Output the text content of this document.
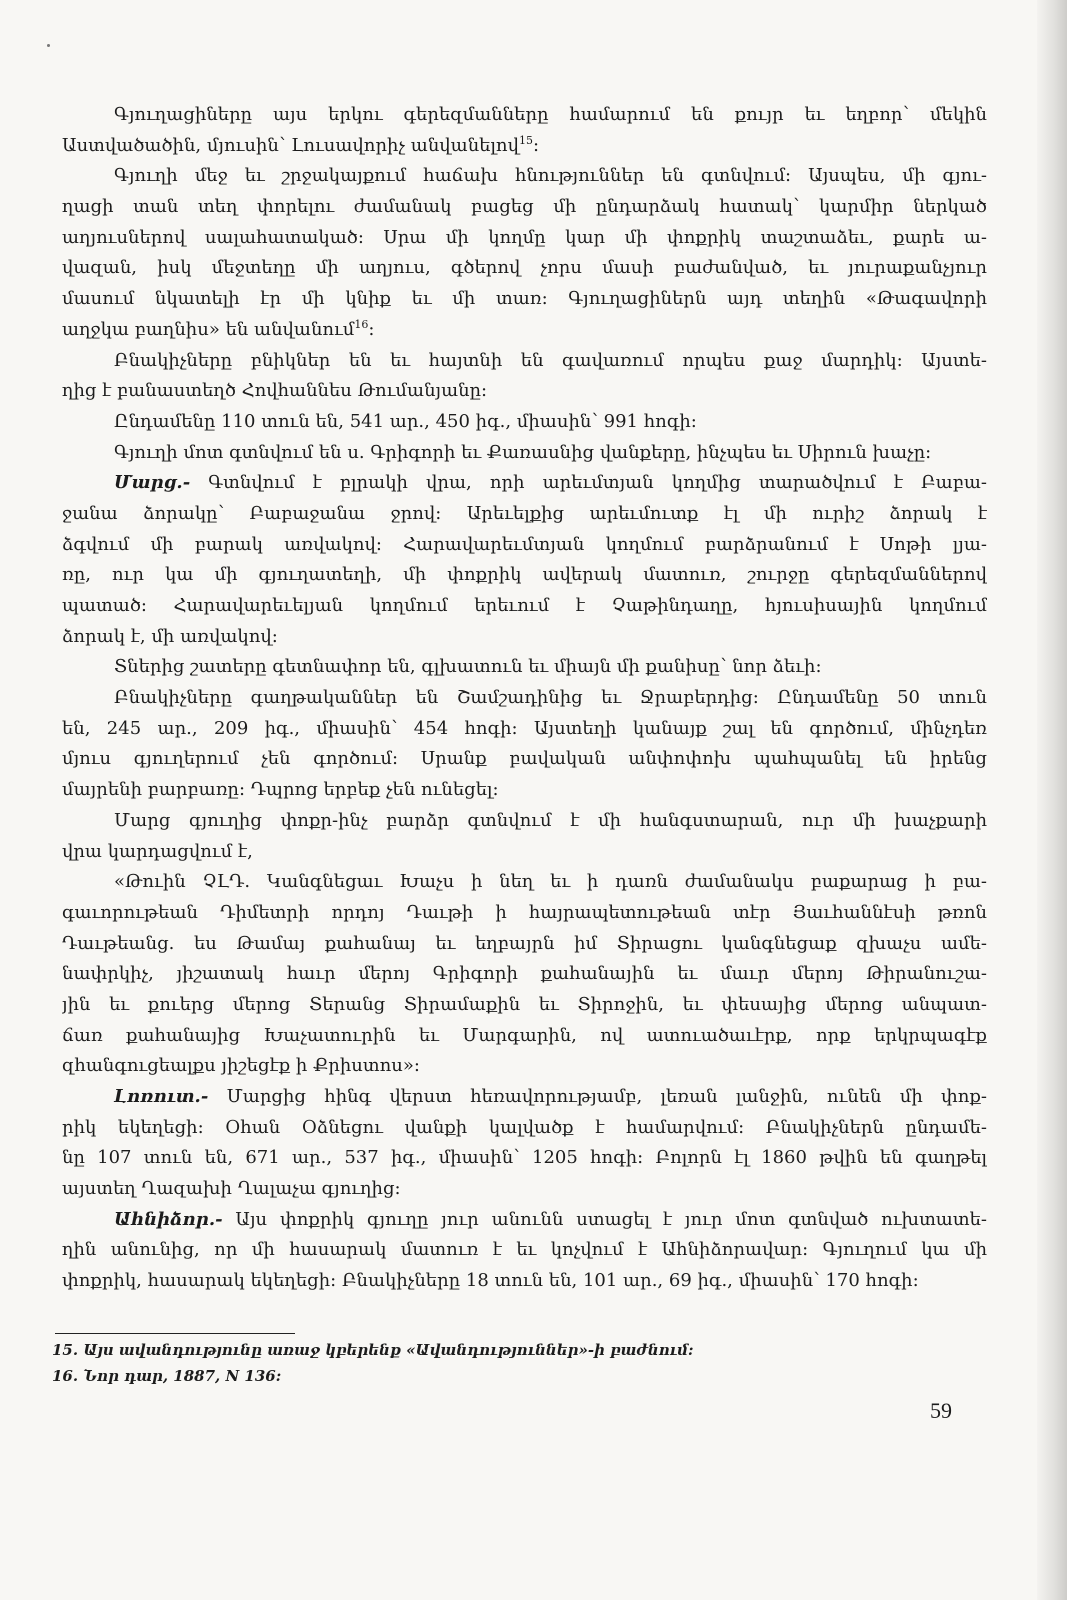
Գյուղացիները այս երկու գերեզմանները համարում են քույր եւ եղբոր՝ մեկին
Աստվածածին, մյուսին՝ Լուսավորիչ անվանելով$^{15}$:
Գյուղի մեջ եւ շրջակայքում հաճախ հնություններ են գտնվում: Այսպես, մի գյու-
ղացի տան տեղ փորելու ժամանակ բացեց մի ընդարձակ հատակ՝ կարմիր ներկած
աղյուսներով սալահատակած: Սրա մի կողմը կար մի փոքրիկ տաշտաձեւ, քարե ա-
վազան, իսկ մեջտեղը մի աղյուս, գծերով չորս մասի բաժանված, եւ յուրաքանչյուր
մասում նկատելի էր մի կնիք եւ մի տառ: Գյուղացիներն այդ տեղին «Թագավորի
աղջկա բաղնիս» են անվանում$^{16}$:
Բնակիչները բնիկներ են եւ հայտնի են գավառում որպես քաջ մարդիկ: Այստե-
ղից է բանաստեղծ Հովհաննես Թումանյանը:
Ընդամենը 110 տուն են, 541 ար., 450 իգ., միասին՝ 991 հոգի:
Գյուղի մոտ գտնվում են ս. Գրիգորի եւ Քառասնից վանքերը, ինչպես եւ Սիրուն խաչը:
Մարց.- Գտնվում է բլրակի վրա, որի արեւմտյան կողմից տարածվում է Բաբա-
ջանա ձորակը՝ Բաբաջանա ջրով: Արեւելքից արեւմուտք էլ մի ուրիշ ձորակ է
ձգվում մի բարակ առվակով: Հարավարեւմտյան կողմում բարձրանում է Սոթի լյա-
ռը, ուր կա մի գյուղատեղի, մի փոքրիկ ավերակ մատուռ, շուրջը գերեզմաններով
պատած: Հարավարեւելյան կողմում երեւում է Չաթինդաղը, հյուսիսային կողմում
ձորակ է, մի առվակով:
Տներից շատերը գետնափոր են, գլխատուն եւ միայն մի քանիսը՝ նոր ձեւի:
Բնակիչները գաղթականներ են Շամշադինից եւ Ջրաբերդից: Ընդամենը 50 տուն
են, 245 ար., 209 իգ., միասին՝ 454 հոգի: Այստեղի կանայք շալ են գործում, մինչդեռ
մյուս գյուղերում չեն գործում: Սրանք բավական անփոփոխ պահպանել են իրենց
մայրենի բարբառը: Դպրոց երբեք չեն ունեցել:
Մարց գյուղից փոքր-ինչ բարձր գտնվում է մի հանգստարան, ուր մի խաչքարի
վրա կարդացվում է,
«Թուին ՉԼԴ. Կանգնեցաւ Խաչս ի նեղ եւ ի դառն ժամանակս բաքարաց ի բա-
գաւորութեան Դիմետրի որդոյ Դաւթի ի հայրապետութեան տէր Յաւհաննէսի թռոն
Դաւթեանց. ես Թամայ քահանայ եւ եղբայրն իմ Տիրացու կանգնեցաք զխաչս ամե-
նափրկիչ, յիշատակ հաւր մերոյ Գրիգորի քահանային եւ մաւր մերոյ Թիրանուշա-
յին եւ քուերց մերոց Տերանց Տիրամաքին եւ Տիրոջին, եւ փեսայից մերոց անպատ-
ճառ քահանայից Խաչատուրին եւ Մարգարին, ով ատուածաւէրք, որք երկրպագէք
զհանգուցեալքս յիշեցէք ի Քրիստոս»:
Լոռուտ.- Մարցից հինգ վերստ հեռավորությամբ, լեռան լանջին, ունեն մի փոք-
րիկ եկեղեցի: Օհան Օձնեցու վանքի կալվածք է համարվում: Բնակիչներն ընդամե-
նը 107 տուն են, 671 ար., 537 իգ., միասին՝ 1205 հոգի: Բոլորն էլ 1860 թվին են գաղթել
այստեղ Ղազախի Ղալաչա գյուղից:
Ահնիձոր.- Այս փոքրիկ գյուղը յուր անունն ստացել է յուր մոտ գտնված ուխտատե-
ղին անունից, որ մի հասարակ մատուռ է եւ կոչվում է Ահնիձորավար: Գյուղում կա մի
փոքրիկ, հասարակ եկեղեցի: Բնակիչները 18 տուն են, 101 ար., 69 իգ., միասին՝ 170 հոգի:
15. Այս ավանդությունը առաջ կբերենք «Ավանդություններ»-ի բաժնում:
16. Նոր դար, 1887, N 136:
59
